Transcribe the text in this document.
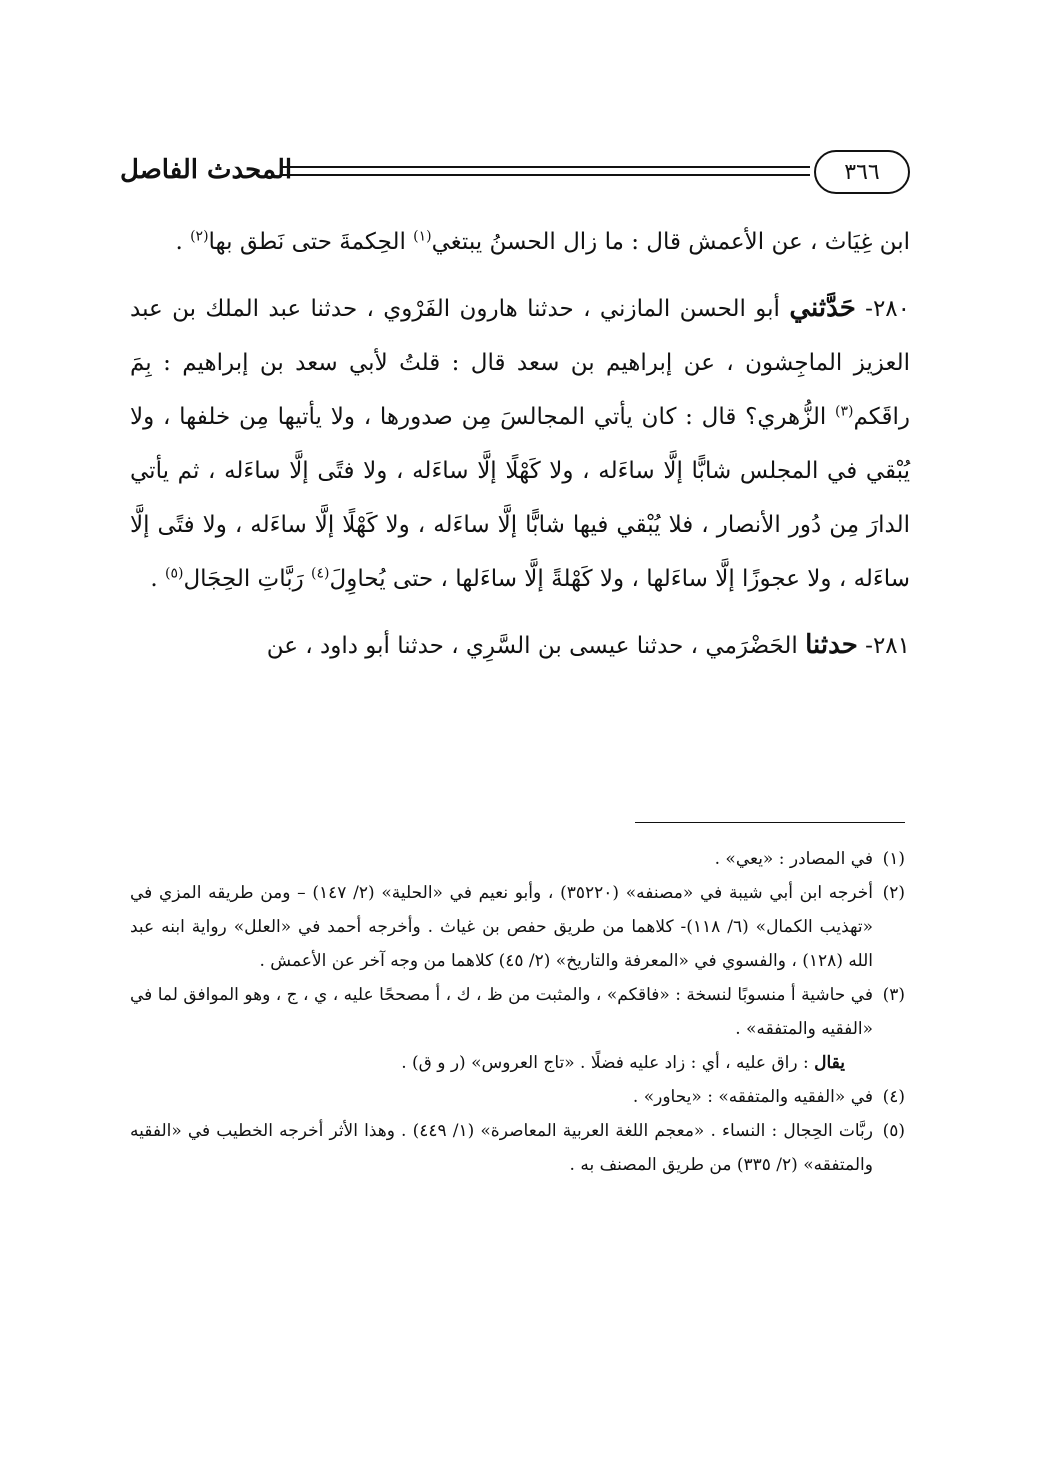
٣٦٦
المحدث الفاصل

ابن غِيَاث ، عن الأعمش قال : ما زال الحسنُ يبتغي$^{(١)}$ الحِكمةَ حتى نَطق بها$^{(٢)}$ .

٢٨٠- حَدَّثني أبو الحسن المازني ، حدثنا هارون الفَرْوي ، حدثنا عبد الملك بن عبد العزيز الماجِشون ، عن إبراهيم بن سعد قال : قلتُ لأبي سعد بن إبراهيم : بِمَ راقَكم$^{(٣)}$ الزُّهري؟ قال : كان يأتي المجالسَ مِن صدورها ، ولا يأتيها مِن خلفها ، ولا يُبْقي في المجلس شابًّا إلَّا ساءَله ، ولا كَهْلًا إلَّا ساءَله ، ولا فتًى إلَّا ساءَله ، ثم يأتي الدارَ مِن دُور الأنصار ، فلا يُبْقي فيها شابًّا إلَّا ساءَله ، ولا كَهْلًا إلَّا ساءَله ، ولا فتًى إلَّا ساءَله ، ولا عجوزًا إلَّا ساءَلها ، ولا كَهْلةً إلَّا ساءَلها ، حتى يُحاوِلَ$^{(٤)}$ رَبَّاتِ الحِجَال$^{(٥)}$ .

٢٨١- حدثنا الحَضْرَمي ، حدثنا عيسى بن السَّرِي ، حدثنا أبو داود ، عن

(١)
في المصادر : «يعي» .

(٢)
أخرجه ابن أبي شيبة في «مصنفه» (٣٥٢٢٠) ، وأبو نعيم في «الحلية» (٢/ ١٤٧) – ومن طريقه المزي في «تهذيب الكمال» (٦/ ١١٨)- كلاهما من طريق حفص بن غياث . وأخرجه أحمد في «العلل» رواية ابنه عبد الله (١٢٨) ، والفسوي في «المعرفة والتاريخ» (٢/ ٤٥) كلاهما من وجه آخر عن الأعمش .

(٣)
في حاشية أ منسوبًا لنسخة : «فاقكم» ، والمثبت من ظ ، ك ، أ مصححًا عليه ، ي ، ج ، وهو الموافق لما في «الفقيه والمتفقه» .

يقال : راق عليه ، أي : زاد عليه فضلًا . «تاج العروس» (ر و ق) .

(٤)
في «الفقيه والمتفقه» : «يحاور» .

(٥)
ربَّات الحِجال : النساء . «معجم اللغة العربية المعاصرة» (١/ ٤٤٩) . وهذا الأثر أخرجه الخطيب في «الفقيه والمتفقه» (٢/ ٣٣٥) من طريق المصنف به .
